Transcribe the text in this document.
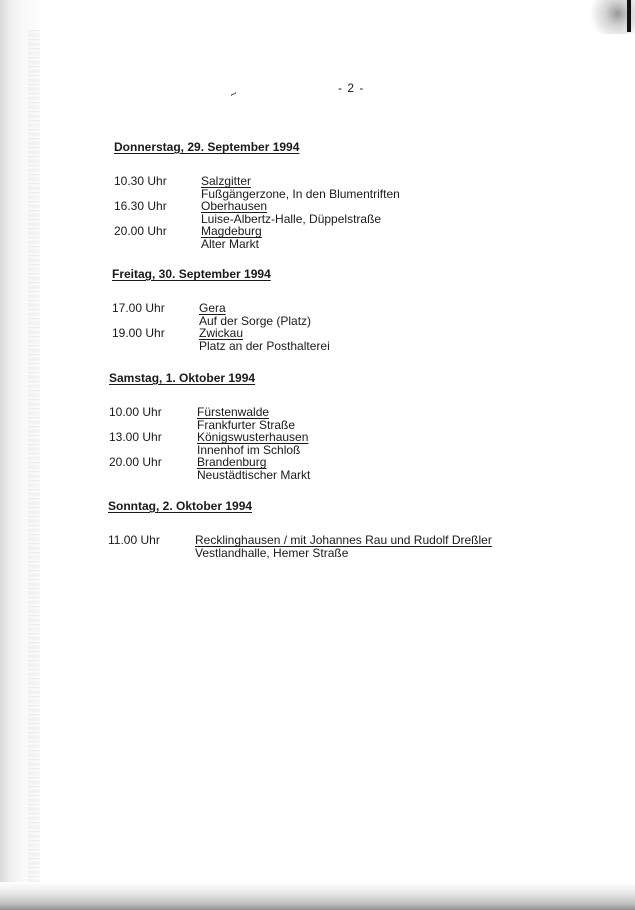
~	- 2 -
Donnerstag, 29. September 1994
10.30 Uhr	Salzgitter
Fußgängerzone, In den Blumentriften
16.30 Uhr	Oberhausen
Luise-Albertz-Halle, Düppelstraße
20.00 Uhr	Magdeburg
Alter Markt
Freitag, 30. September 1994
17.00 Uhr	Gera
Auf der Sorge (Platz)
19.00 Uhr	Zwickau
Platz an der Posthalterei
Samstag, 1. Oktober 1994
10.00 Uhr	Fürstenwalde
Frankfurter Straße
13.00 Uhr	Königswusterhausen
Innenhof im Schloß
20.00 Uhr	Brandenburg
Neustädtischer Markt
Sonntag, 2. Oktober 1994
11.00 Uhr	Recklinghausen / mit Johannes Rau und Rudolf Dreßler
Vestlandhalle, Hemer Straße
